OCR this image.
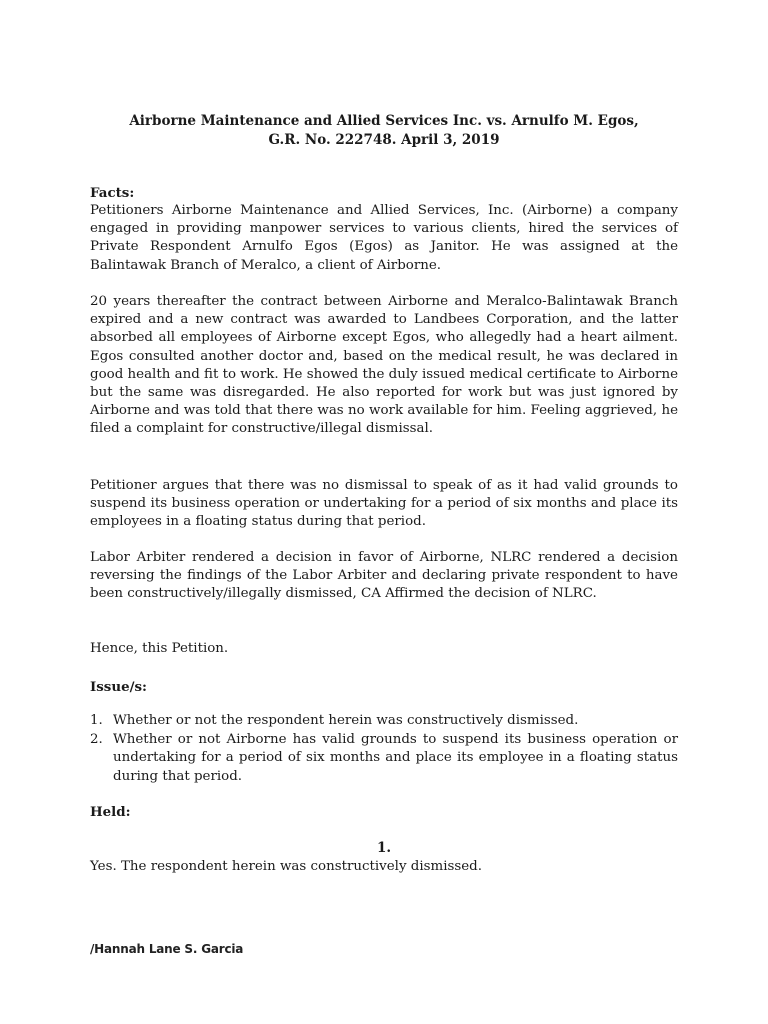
Airborne Maintenance and Allied Services Inc. vs. Arnulfo M. Egos,
G.R. No. 222748. April 3, 2019

Facts:

Petitioners Airborne Maintenance and Allied Services, Inc. (Airborne) a company engaged in providing manpower services to various clients, hired the services of Private Respondent Arnulfo Egos (Egos) as Janitor. He was assigned at the Balintawak Branch of Meralco, a client of Airborne.

20 years thereafter the contract between Airborne and Meralco-Balintawak Branch expired and a new contract was awarded to Landbees Corporation, and the latter absorbed all employees of Airborne except Egos, who allegedly had a heart ailment. Egos consulted another doctor and, based on the medical result, he was declared in good health and fit to work. He showed the duly issued medical certificate to Airborne but the same was disregarded. He also reported for work but was just ignored by Airborne and was told that there was no work available for him. Feeling aggrieved, he filed a complaint for constructive/illegal dismissal.

Petitioner argues that there was no dismissal to speak of as it had valid grounds to suspend its business operation or undertaking for a period of six months and place its employees in a floating status during that period.

Labor Arbiter rendered a decision in favor of Airborne, NLRC rendered a decision reversing the findings of the Labor Arbiter and declaring private respondent to have been constructively/illegally dismissed, CA Affirmed the decision of NLRC.

Hence, this Petition.

Issue/s:

1. Whether or not the respondent herein was constructively dismissed.
2. Whether or not Airborne has valid grounds to suspend its business operation or undertaking for a period of six months and place its employee in a floating status during that period.

Held:

1.

Yes. The respondent herein was constructively dismissed.

/Hannah Lane S. Garcia
